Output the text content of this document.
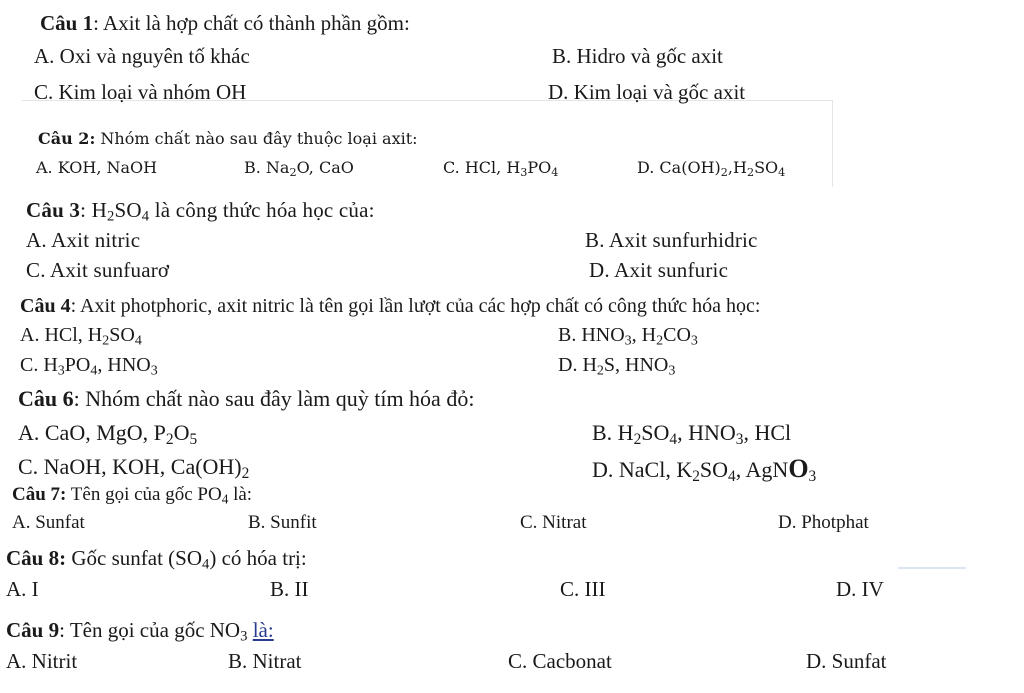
Câu 1: Axit là hợp chất có thành phần gồm:
A. Oxi và nguyên tố khác	B. Hidro và gốc axit
C. Kim loại và nhóm OH	D. Kim loại và gốc axit
Câu 2: Nhóm chất nào sau đây thuộc loại axit:
A. KOH, NaOH	B. $Na_2O$, CaO	C. HCl, $H_3PO_4$	D. $Ca(OH)_2,H_2SO_4$
Câu 3: $H_2SO_4$ là công thức hóa học của:
A. Axit nitric	B. Axit sunfurhidric
C. Axit sunfuarơ	D. Axit sunfuric
Câu 4: Axit photphoric, axit nitric là tên gọi lần lượt của các hợp chất có công thức hóa học:
A. HCl, $H_2SO_4$	B. $HNO_3$, $H_2CO_3$
C. $H_3PO_4$, $HNO_3$	D. $H_2S$, $HNO_3$
Câu 6: Nhóm chất nào sau đây làm quỳ tím hóa đỏ:
A. CaO, MgO, $P_2O_5$	B. $H_2SO_4$, $HNO_3$, HCl
C. NaOH, KOH, $Ca(OH)_2$	D. NaCl, $K_2SO_4$, AgNO$_3$
Câu 7: Tên gọi của gốc $PO_4$ là:
A. Sunfat	B. Sunfit	C. Nitrat	D. Photphat
Câu 8: Gốc sunfat $(SO_4)$ có hóa trị:
A. I	B. II	C. III	D. IV
Câu 9: Tên gọi của gốc $NO_3$ là:
A. Nitrit	B. Nitrat	C. Cacbonat	D. Sunfat
